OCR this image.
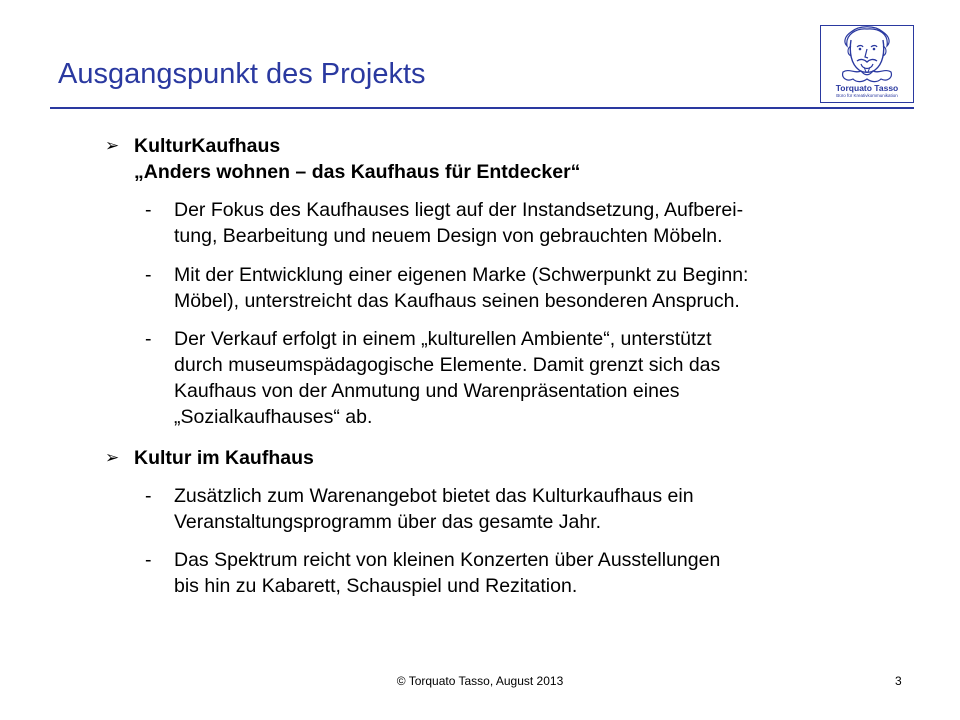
Ausgangspunkt des Projekts	Torquato Tasso
Büro für Kreativkommunikation
➢ KulturKaufhaus
„Anders wohnen – das Kaufhaus für Entdecker“
-	Der Fokus des Kaufhauses liegt auf der Instandsetzung, Aufberei-
tung, Bearbeitung und neuem Design von gebrauchten Möbeln.
-	Mit der Entwicklung einer eigenen Marke (Schwerpunkt zu Beginn:
Möbel), unterstreicht das Kaufhaus seinen besonderen Anspruch.
-	Der Verkauf erfolgt in einem „kulturellen Ambiente“, unterstützt
durch museumspädagogische Elemente. Damit grenzt sich das
Kaufhaus von der Anmutung und Warenpräsentation eines
„Sozialkaufhauses“ ab.
➢ Kultur im Kaufhaus
-	Zusätzlich zum Warenangebot bietet das Kulturkaufhaus ein
Veranstaltungsprogramm über das gesamte Jahr.
-	Das Spektrum reicht von kleinen Konzerten über Ausstellungen
bis hin zu Kabarett, Schauspiel und Rezitation.
© Torquato Tasso, August 2013	3
